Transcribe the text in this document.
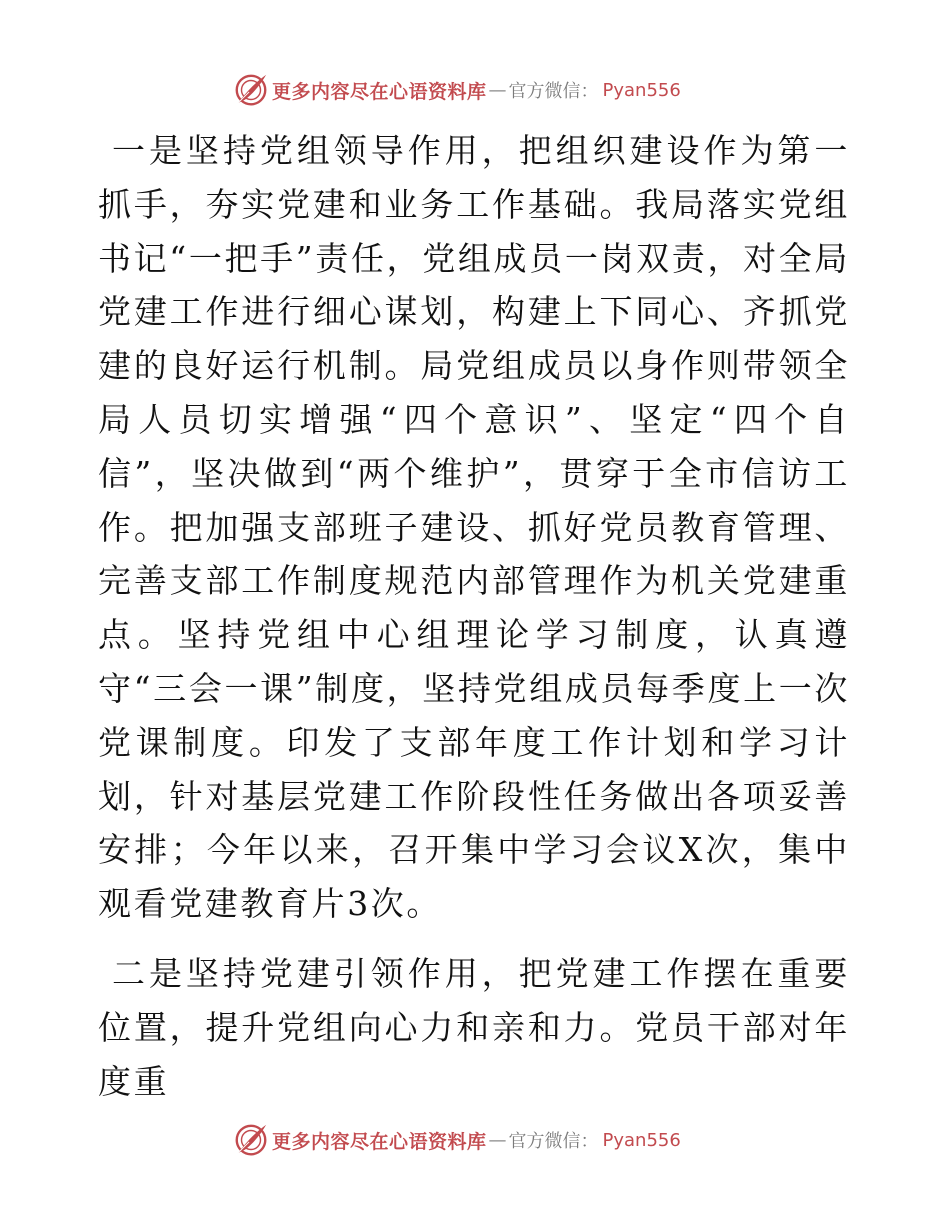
更多内容尽在心语资料库 — 官方微信： Pyan556

一是坚持党组领导作用，把组织建设作为第一抓手，夯实党建和业务工作基础。我局落实党组书记“一把手”责任，党组成员一岗双责，对全局党建工作进行细心谋划，构建上下同心、齐抓党建的良好运行机制。局党组成员以身作则带领全局人员切实增强“四个意识”、坚定“四个自信”，坚决做到“两个维护”，贯穿于全市信访工作。把加强支部班子建设、抓好党员教育管理、完善支部工作制度规范内部管理作为机关党建重点。坚持党组中心组理论学习制度，认真遵守“三会一课”制度，坚持党组成员每季度上一次党课制度。印发了支部年度工作计划和学习计划，针对基层党建工作阶段性任务做出各项妥善安排；今年以来，召开集中学习会议X次，集中观看党建教育片3次。

二是坚持党建引领作用，把党建工作摆在重要位置，提升党组向心力和亲和力。党员干部对年度重

更多内容尽在心语资料库 — 官方微信： Pyan556
